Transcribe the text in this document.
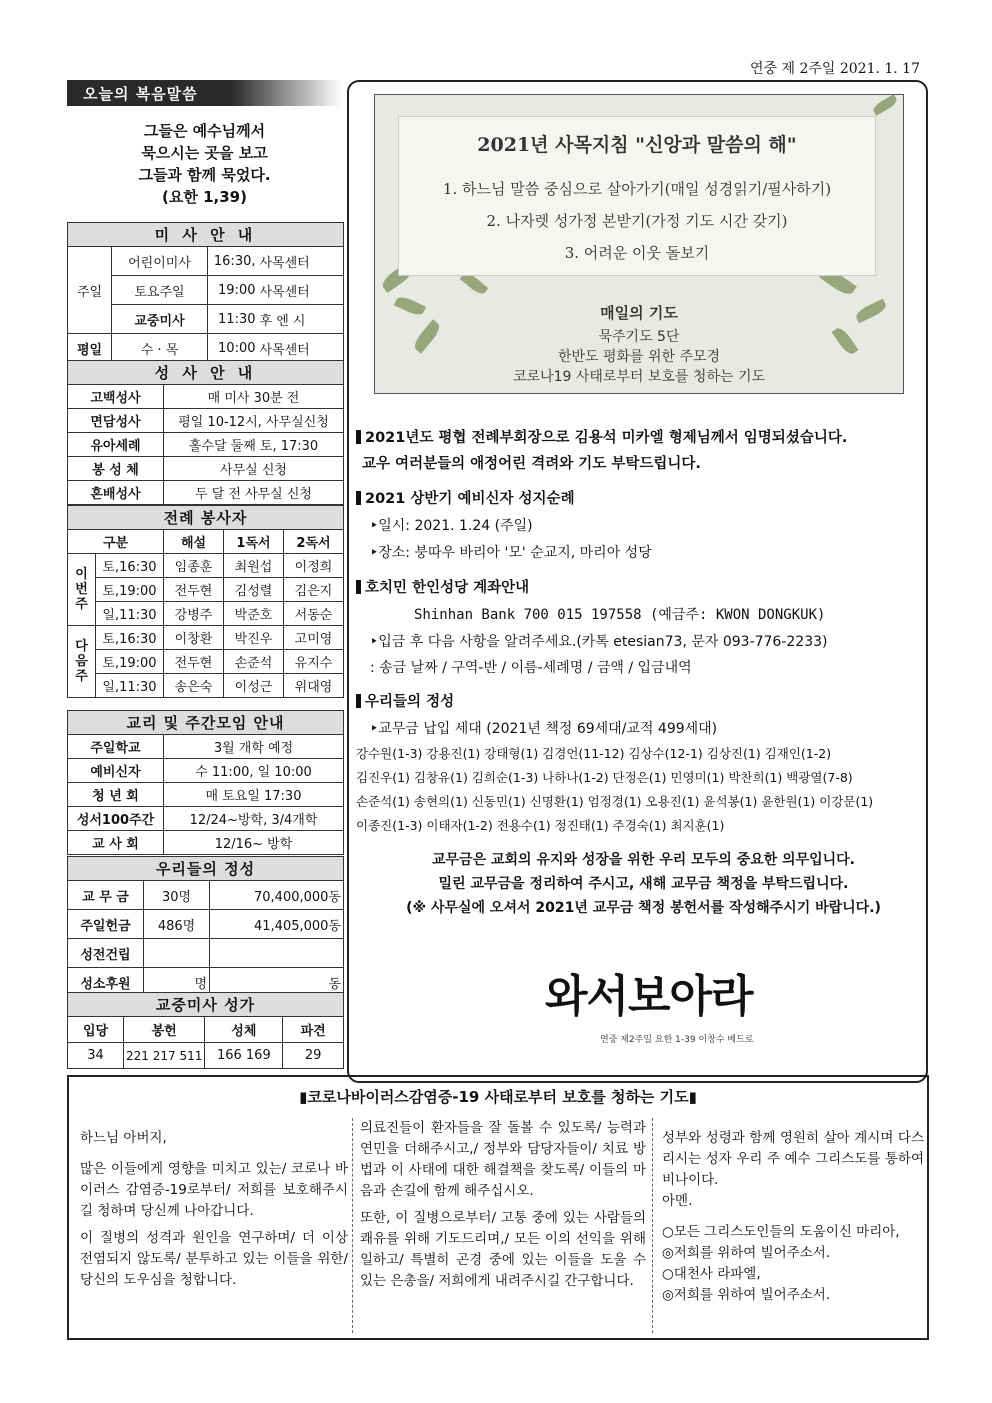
연중 제 2주일 2021. 1. 17
오늘의 복음말씀
그들은 예수님께서
묵으시는 곳을 보고
그들과 함께 묵었다.
(요한 1,39)
미 사 안 내			
주일	어린이미사	16:30,	사목센터
	토요주일	19:00	사목센터
	교중미사	11:30	후 엔 시
평일	수 · 목	10:00	사목센터
성 사 안 내	
고백성사	매 미사 30분 전
면담성사	평일 10-12시, 사무실신청
유아세례	홀수달 둘째 토, 17:30
봉 성 체	사무실 신청
혼배성사	두 달 전 사무실 신청
전례 봉사자				
구분		해설	1독서	2독서
이번주	토,16:30	임종훈	최원섭	이정희
	토,19:00	전두현	김성렬	김은지
	일,11:30	강병주	박준호	서동순
다음주	토,16:30	이창환	박진우	고미영
	토,19:00	전두현	손준석	유지수
	일,11:30	송은숙	이성근	위대영
교리 및 주간모임 안내	
주일학교	3월 개학 예정
예비신자	수 11:00, 일 10:00
청 년 회	매 토요일 17:30
성서100주간	12/24~방학, 3/4개학
교 사 회	12/16~ 방학
우리들의 정성		
교 무 금	30명	70,400,000동
주일헌금	486명	41,405,000동
성전건립		
성소후원	명	동
교중미사 성가			
입당	봉헌	성체	파견
34	221 217 511	166 169	29
2021년 사목지침 "신앙과 말씀의 해"
1. 하느님 말씀 중심으로 살아가기(매일 성경읽기/필사하기)
2. 나자렛 성가정 본받기(가정 기도 시간 갖기)
3. 어려운 이웃 돌보기
매일의 기도
묵주기도 5단
한반도 평화를 위한 주모경
코로나19 사태로부터 보호를 청하는 기도
2021년도 평협 전례부회장으로 김용석 미카엘 형제님께서 임명되셨습니다.
교우 여러분들의 애정어린 격려와 기도 부탁드립니다.
2021 상반기 예비신자 성지순례
‣일시: 2021. 1.24 (주일)
‣장소: 붕따우 바리아 '모' 순교지, 마리아 성당
호치민 한인성당 계좌안내
Shinhan Bank 700 015 197558 (예금주: KWON DONGKUK)
‣입금 후 다음 사항을 알려주세요.(카톡 etesian73, 문자 093-776-2233)
: 송금 날짜 / 구역-반 / 이름-세례명 / 금액 / 입금내역
우리들의 정성
‣교무금 납입 세대 (2021년 책정 69세대/교적 499세대)
강수원(1-3) 강용진(1) 강태형(1) 김경언(11-12) 김상수(12-1) 김상진(1) 김재인(1-2)
김진우(1) 김창유(1) 김희순(1-3) 나하나(1-2) 단정은(1) 민영미(1) 박찬희(1) 백광열(7-8)
손준석(1) 송현의(1) 신동민(1) 신명환(1) 엄정경(1) 오용진(1) 윤석봉(1) 윤한원(1) 이강문(1)
이종진(1-3) 이태자(1-2) 전용수(1) 정진태(1) 주경숙(1) 최지훈(1)
교무금은 교회의 유지와 성장을 위한 우리 모두의 중요한 의무입니다.
밀린 교무금을 정리하여 주시고, 새해 교무금 책정을 부탁드립니다.
(※ 사무실에 오셔서 2021년 교무금 책정 봉헌서를 작성해주시기 바랍니다.)
와서보아라
연중 제2주일 요한 1-39 이창수 베드로
▮코로나바이러스감염증-19 사태로부터 보호를 청하는 기도▮

하느님 아버지,

많은 이들에게 영향을 미치고 있는/ 코로나 바이러스 감염증-19로부터/ 저희를 보호해주시길 청하며 당신께 나아갑니다.

이 질병의 성격과 원인을 연구하며/ 더 이상 전염되지 않도록/ 분투하고 있는 이들을 위한/ 당신의 도우심을 청합니다.

의료진들이 환자들을 잘 돌볼 수 있도록/ 능력과 연민을 더해주시고,/ 정부와 담당자들이/ 치료 방법과 이 사태에 대한 해결책을 찾도록/ 이들의 마음과 손길에 함께 해주십시오.

또한, 이 질병으로부터/ 고통 중에 있는 사람들의 쾌유를 위해 기도드리며,/ 모든 이의 선익을 위해 일하고/ 특별히 곤경 중에 있는 이들을 도울 수 있는 은총을/ 저희에게 내려주시길 간구합니다.

성부와 성령과 함께 영원히 살아 계시며 다스리시는 성자 우리 주 예수 그리스도를 통하여 비나이다.

아멘.

○모든 그리스도인들의 도움이신 마리아,

◎저희를 위하여 빌어주소서.

○대천사 라파엘,

◎저희를 위하여 빌어주소서.
